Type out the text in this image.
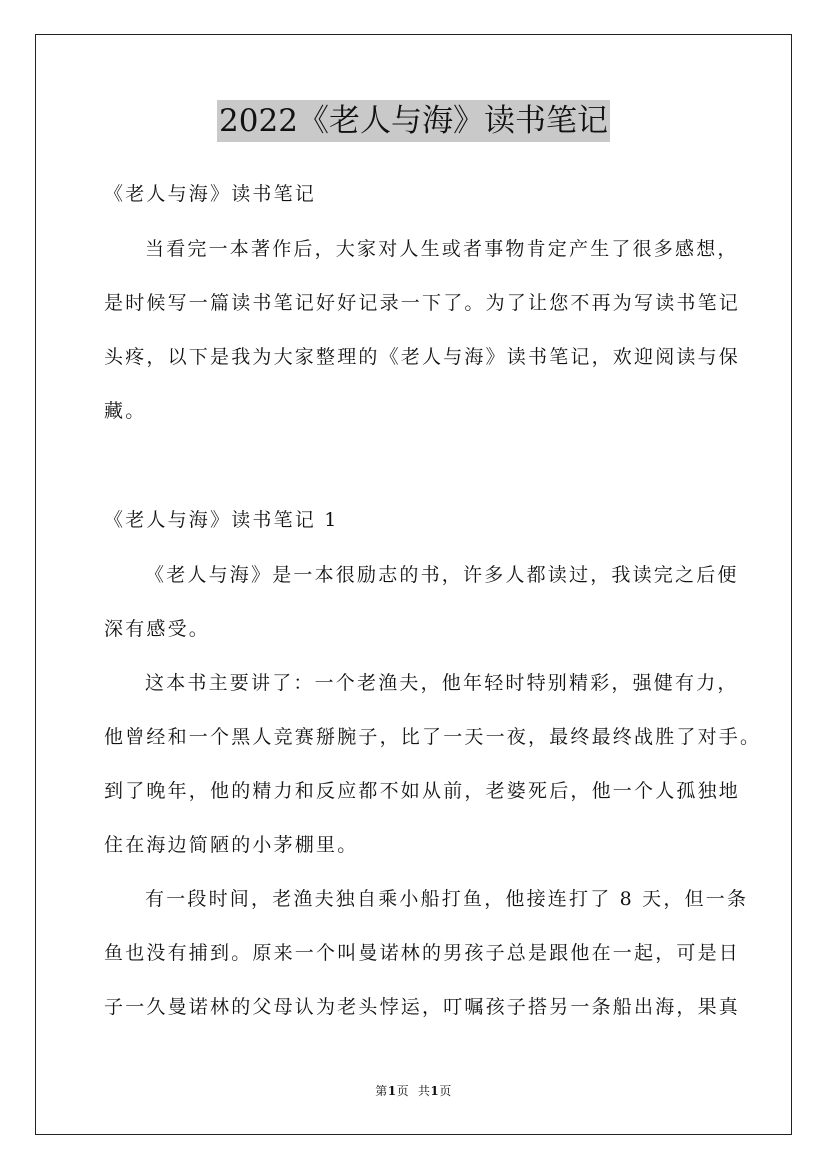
2022《老人与海》读书笔记
《老人与海》读书笔记
当看完一本著作后，大家对人生或者事物肯定产生了很多感想，
是时候写一篇读书笔记好好记录一下了。为了让您不再为写读书笔记
头疼，以下是我为大家整理的《老人与海》读书笔记，欢迎阅读与保
藏。
《老人与海》读书笔记 1
《老人与海》是一本很励志的书，许多人都读过，我读完之后便
深有感受。
这本书主要讲了：一个老渔夫，他年轻时特别精彩，强健有力，
他曾经和一个黑人竞赛掰腕子，比了一天一夜，最终最终战胜了对手。
到了晚年，他的精力和反应都不如从前，老婆死后，他一个人孤独地
住在海边简陋的小茅棚里。
有一段时间，老渔夫独自乘小船打鱼，他接连打了 8 天，但一条
鱼也没有捕到。原来一个叫曼诺林的男孩子总是跟他在一起，可是日
子一久曼诺林的父母认为老头悖运，叮嘱孩子搭另一条船出海，果真
第1页 共1页
